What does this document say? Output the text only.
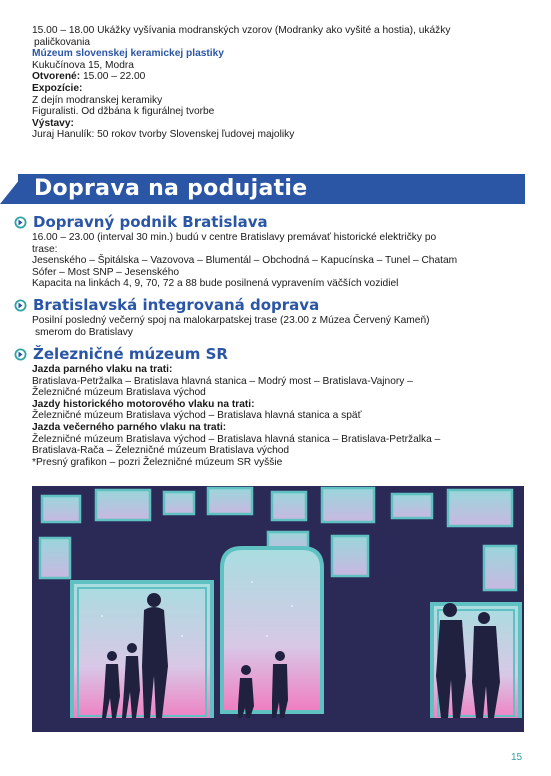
15.00 – 18.00 Ukážky vyšívania modranských vzorov (Modranky ako vyšité a hostia), ukážky
paličkovania
Múzeum slovenskej keramickej plastiky
Kukučínova 15, Modra
Otvorené: 15.00 – 22.00
Expozície:
Z dejín modranskej keramiky
Figuralisti. Od džbána k figurálnej tvorbe
Výstavy:
Juraj Hanulík: 50 rokov tvorby Slovenskej ľudovej majoliky
Doprava na podujatie
Dopravný podnik Bratislava
16.00 – 23.00 (interval 30 min.) budú v centre Bratislavy premávať historické električky po
trase:
Jesenského – Špitálska – Vazovova – Blumentál – Obchodná – Kapucínska – Tunel – Chatam
Sófer – Most SNP – Jesenského
Kapacita na linkách 4, 9, 70, 72 a 88 bude posilnená vypravením väčších vozidiel
Bratislavská integrovaná doprava
Posilní posledný večerný spoj na malokarpatskej trase (23.00 z Múzea Červený Kameň)
smerom do Bratislavy
Železničné múzeum SR
Jazda parného vlaku na trati:
Bratislava-Petržalka – Bratislava hlavná stanica – Modrý most – Bratislava-Vajnory –
Železničné múzeum Bratislava východ
Jazdy historického motorového vlaku na trati:
Železničné múzeum Bratislava východ – Bratislava hlavná stanica a späť
Jazda večerného parného vlaku na trati:
Železničné múzeum Bratislava východ – Bratislava hlavná stanica – Bratislava-Petržalka –
Bratislava-Rača – Železničné múzeum Bratislava východ
*Presný grafikon – pozri Železničné múzeum SR vyššie
15
